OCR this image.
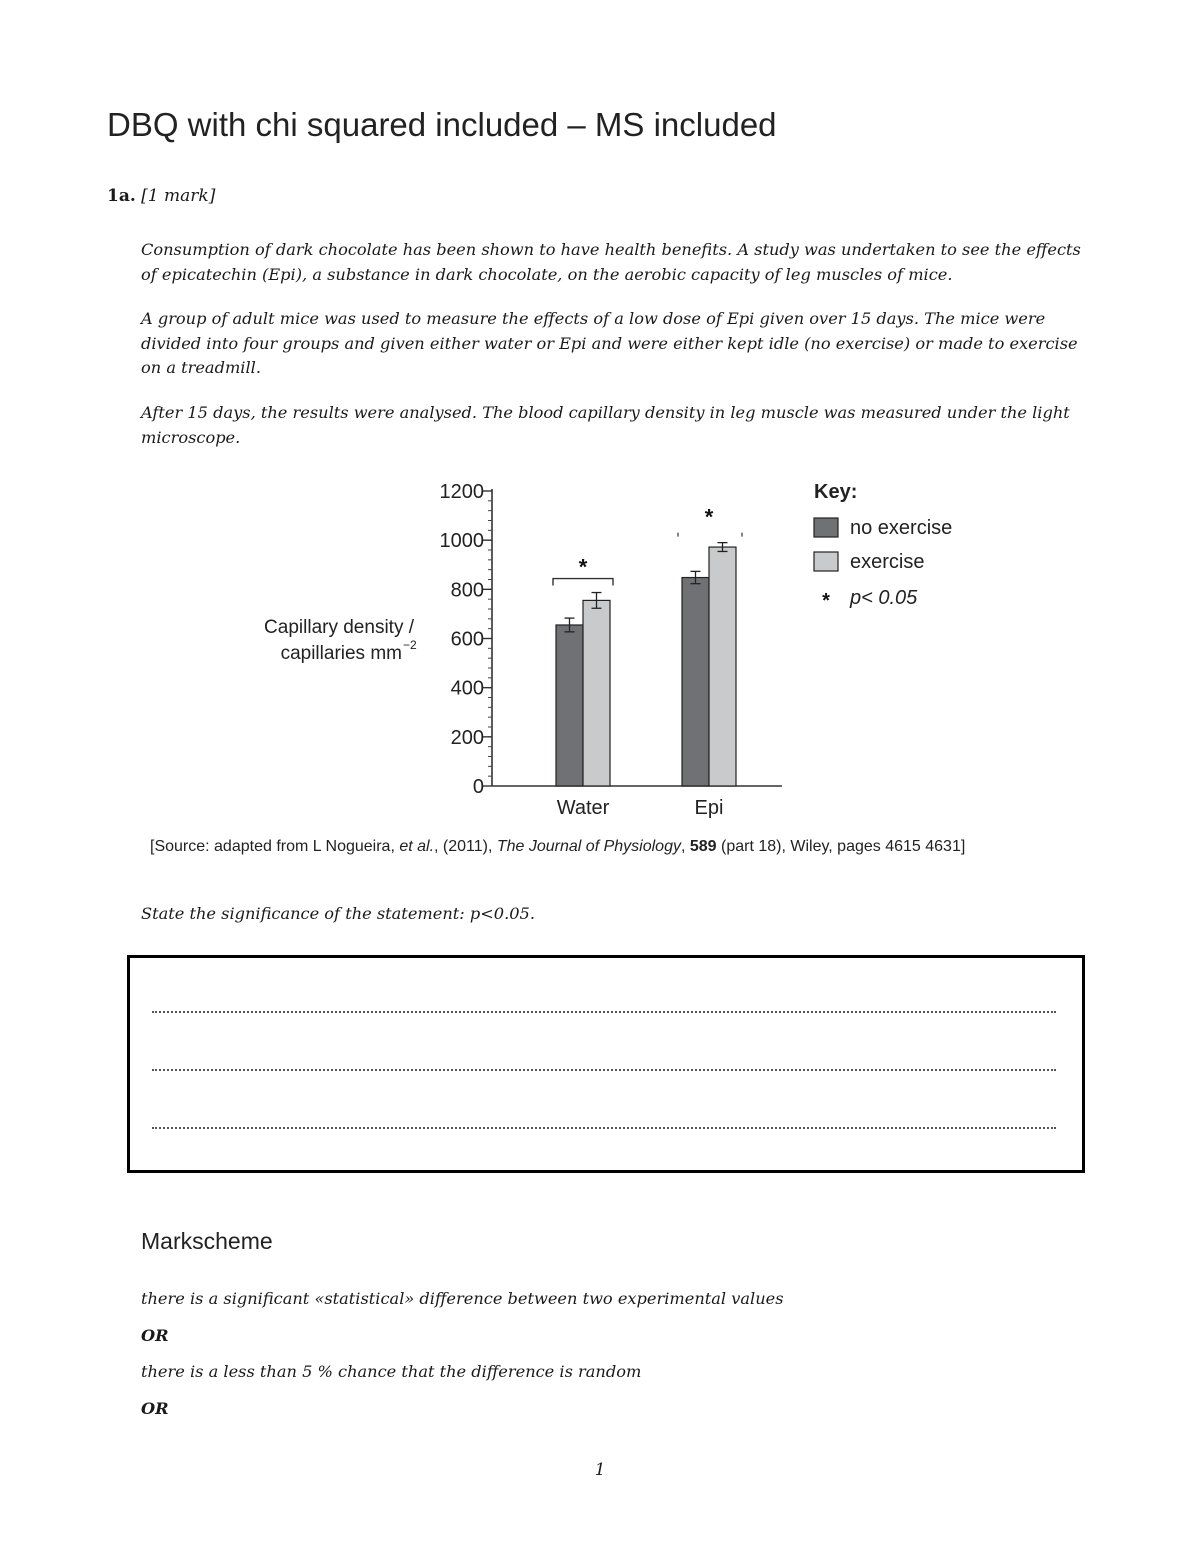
DBQ with chi squared included – MS included
1a. [1 mark]
Consumption of dark chocolate has been shown to have health benefits. A study was undertaken to see the effects of epicatechin (Epi), a substance in dark chocolate, on the aerobic capacity of leg muscles of mice.
A group of adult mice was used to measure the effects of a low dose of Epi given over 15 days. The mice were divided into four groups and given either water or Epi and were either kept idle (no exercise) or made to exercise on a treadmill.
After 15 days, the results were analysed. The blood capillary density in leg muscle was measured under the light microscope.
0
200
400
600
800
1000
1200
*
*
Capillary density /
capillaries mm −2
Water	Epi
Key:
no exercise
exercise
* p< 0.05
[Source: adapted from L Nogueira, et al., (2011), The Journal of Physiology, 589 (part 18), Wiley, pages 4615 4631]
State the significance of the statement: p<0.05.
Markscheme
there is a significant «statistical» difference between two experimental values
OR
there is a less than 5 % chance that the difference is random
OR
1
